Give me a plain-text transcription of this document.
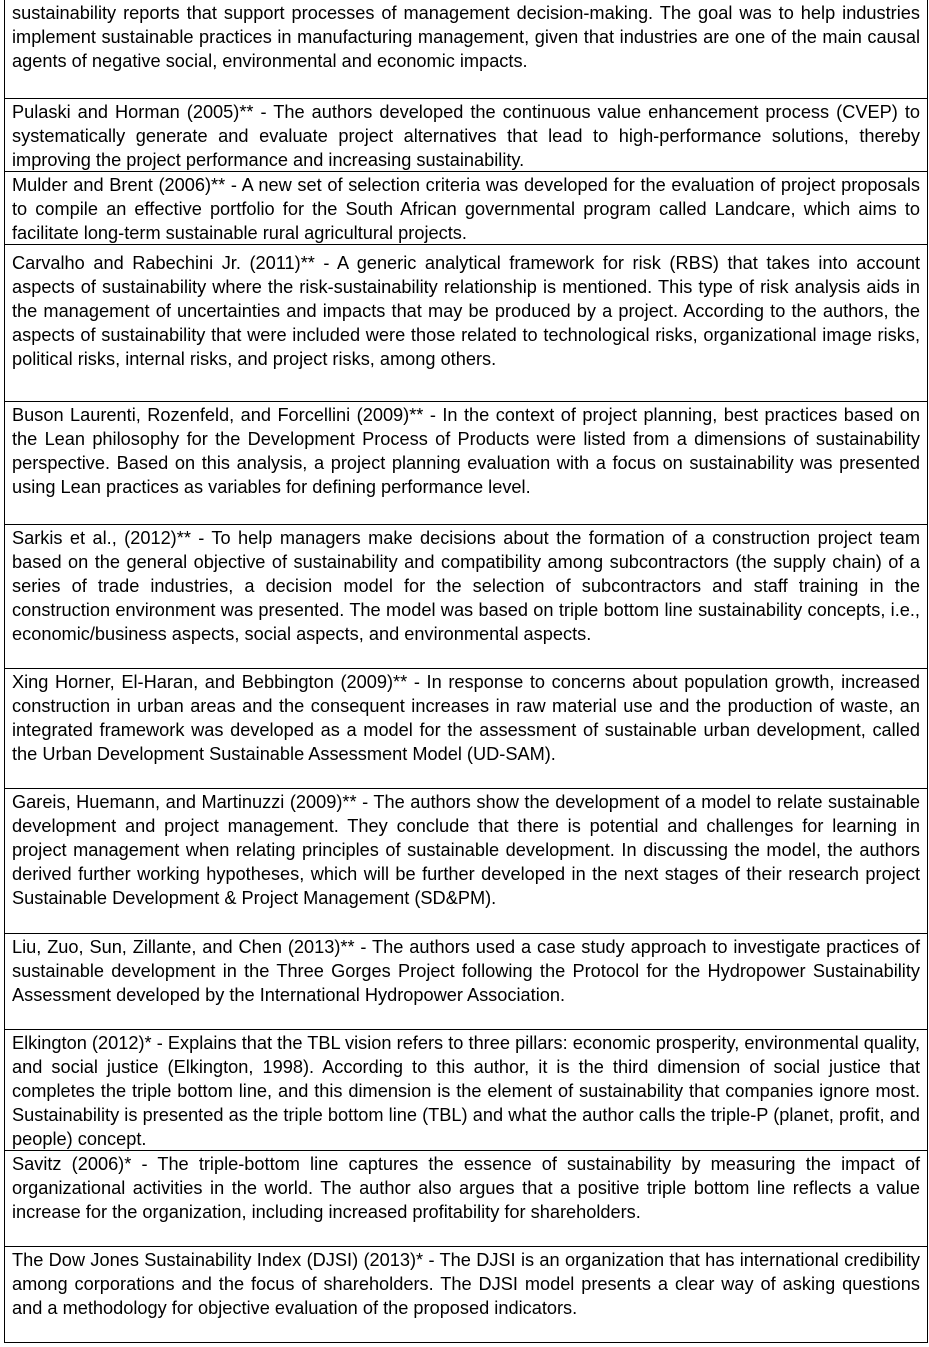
sustainability reports that support processes of management decision-making. The goal was to help industries implement sustainable practices in manufacturing management, given that industries are one of the main causal agents of negative social, environmental and economic impacts.
Pulaski and Horman (2005)** - The authors developed the continuous value enhancement process (CVEP) to systematically generate and evaluate project alternatives that lead to high-performance solutions, thereby improving the project performance and increasing sustainability.
Mulder and Brent (2006)** - A new set of selection criteria was developed for the evaluation of project proposals to compile an effective portfolio for the South African governmental program called Landcare, which aims to facilitate long-term sustainable rural agricultural projects.
Carvalho and Rabechini Jr. (2011)** - A generic analytical framework for risk (RBS) that takes into account aspects of sustainability where the risk-sustainability relationship is mentioned. This type of risk analysis aids in the management of uncertainties and impacts that may be produced by a project. According to the authors, the aspects of sustainability that were included were those related to technological risks, organizational image risks, political risks, internal risks, and project risks, among others.
Buson Laurenti, Rozenfeld, and Forcellini (2009)** - In the context of project planning, best practices based on the Lean philosophy for the Development Process of Products were listed from a dimensions of sustainability perspective. Based on this analysis, a project planning evaluation with a focus on sustainability was presented using Lean practices as variables for defining performance level.
Sarkis et al., (2012)** - To help managers make decisions about the formation of a construction project team based on the general objective of sustainability and compatibility among subcontractors (the supply chain) of a series of trade industries, a decision model for the selection of subcontractors and staff training in the construction environment was presented. The model was based on triple bottom line sustainability concepts, i.e., economic/business aspects, social aspects, and environmental aspects.
Xing Horner, El-Haran, and Bebbington (2009)** - In response to concerns about population growth, increased construction in urban areas and the consequent increases in raw material use and the production of waste, an integrated framework was developed as a model for the assessment of sustainable urban development, called the Urban Development Sustainable Assessment Model (UD-SAM).
Gareis, Huemann, and Martinuzzi (2009)** - The authors show the development of a model to relate sustainable development and project management. They conclude that there is potential and challenges for learning in project management when relating principles of sustainable development. In discussing the model, the authors derived further working hypotheses, which will be further developed in the next stages of their research project Sustainable Development & Project Management (SD&PM).
Liu, Zuo, Sun, Zillante, and Chen (2013)** - The authors used a case study approach to investigate practices of sustainable development in the Three Gorges Project following the Protocol for the Hydropower Sustainability Assessment developed by the International Hydropower Association.
Elkington (2012)* - Explains that the TBL vision refers to three pillars: economic prosperity, environmental quality, and social justice (Elkington, 1998). According to this author, it is the third dimension of social justice that completes the triple bottom line, and this dimension is the element of sustainability that companies ignore most. Sustainability is presented as the triple bottom line (TBL) and what the author calls the triple-P (planet, profit, and people) concept.
Savitz (2006)* - The triple-bottom line captures the essence of sustainability by measuring the impact of organizational activities in the world. The author also argues that a positive triple bottom line reflects a value increase for the organization, including increased profitability for shareholders.
The Dow Jones Sustainability Index (DJSI) (2013)* - The DJSI is an organization that has international credibility among corporations and the focus of shareholders. The DJSI model presents a clear way of asking questions and a methodology for objective evaluation of the proposed indicators.
